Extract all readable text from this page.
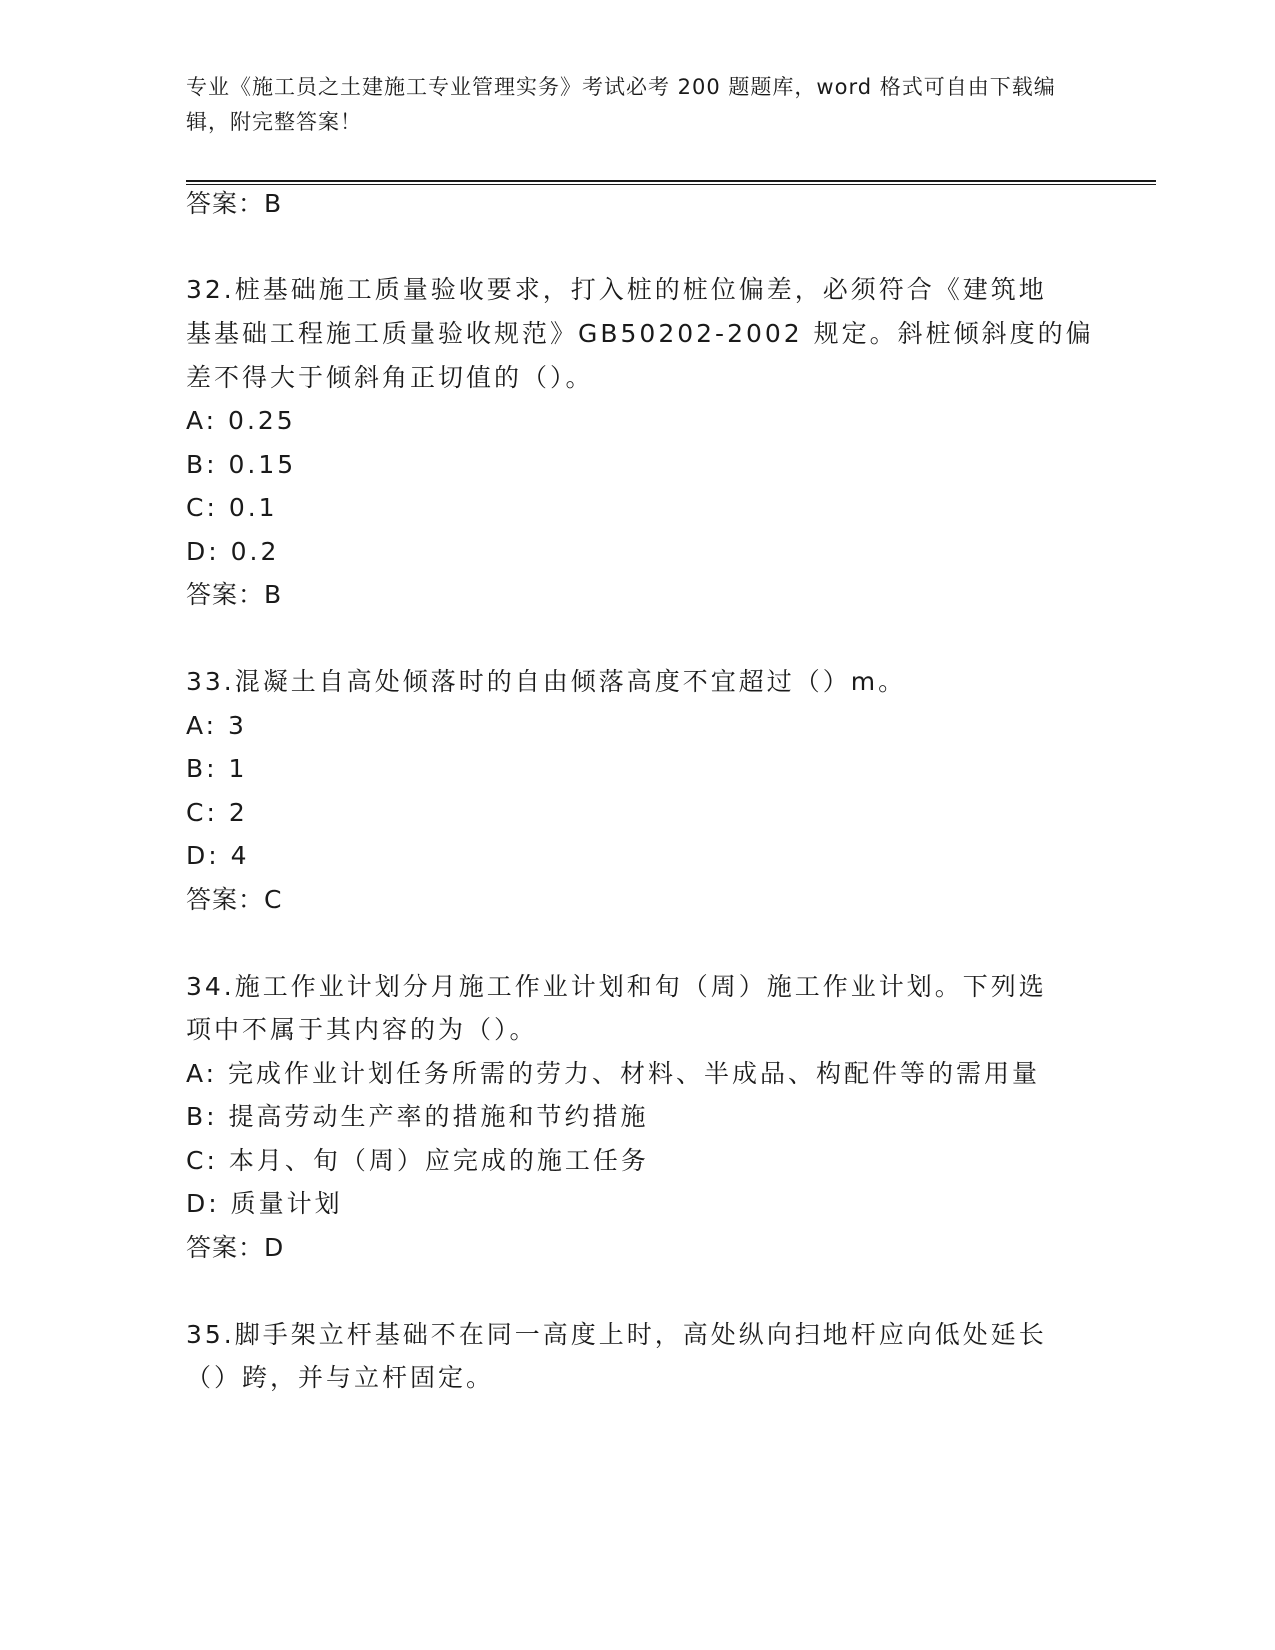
专业《施工员之土建施工专业管理实务》考试必考 200 题题库，word 格式可自由下载编辑，附完整答案！
答案：B
32.桩基础施工质量验收要求，打入桩的桩位偏差，必须符合《建筑地
基基础工程施工质量验收规范》GB50202-2002 规定。斜桩倾斜度的偏
差不得大于倾斜角正切值的（）。
A: 0.25
B: 0.15
C: 0.1
D: 0.2
答案：B
33.混凝土自高处倾落时的自由倾落高度不宜超过（）m。
A: 3
B: 1
C: 2
D: 4
答案：C
34.施工作业计划分月施工作业计划和旬（周）施工作业计划。下列选
项中不属于其内容的为（）。
A: 完成作业计划任务所需的劳力、材料、半成品、构配件等的需用量
B: 提高劳动生产率的措施和节约措施
C: 本月、旬（周）应完成的施工任务
D: 质量计划
答案：D
35.脚手架立杆基础不在同一高度上时，高处纵向扫地杆应向低处延长
（）跨，并与立杆固定。
